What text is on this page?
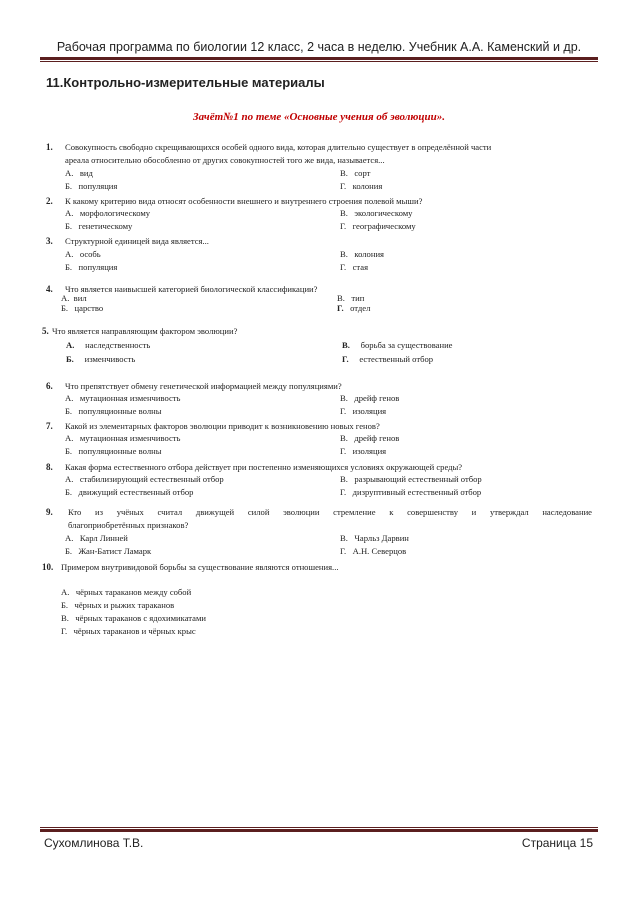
Рабочая программа по биологии 12 класс, 2 часа в неделю. Учебник А.А. Каменский и др.
11.Контрольно-измерительные материалы
Зачёт№1 по теме «Основные учения об эволюции».
1. Совокупность свободно скрещивающихся особей одного вида, которая длительно существует в определённой части
ареала относительно обособленно от других совокупностей того же вида, называется...
А. вид
Б. популяция
В. сорт
Г. колония
2. К какому критерию вида относят особенности внешнего и внутреннего строения полевой мыши?
А. морфологическому
Б. генетическому
В. экологическому
Г. географическому
3. Структурной единицей вида является...
А. особь
Б. популяция
В. колония
Г. стая
4. Что является наивысшей категорией биологической классификации?
А. вил
Б. царство
В. тип
Г. отдел
5. Что является направляющим фактором эволюции?
А. наследственность
Б. изменчивость
В. борьба за существование
Г. естественный отбор
6. Что препятствует обмену генетической информацией между популяциями?
А. мутационная изменчивость
Б. популяционные волны
В. дрейф генов
Г. изоляция
7. Какой из элементарных факторов эволюции приводит к возникновению новых генов?
А. мутационная изменчивость
Б. популяционные волны
В. дрейф генов
Г. изоляция
8. Какая форма естественного отбора действует при постепенно изменяющихся условиях окружающей среды?
А. стабилизирующий естественный отбор
Б. движущий естественный отбор
В. разрывающий естественный отбор
Г. дизруптивный естественный отбор
9. Кто из учёных считал движущей силой эволюции стремление к совершенству и утверждал наследование
благоприобретённых признаков?
А. Карл Линней
Б. Жан-Батист Ламарк
В. Чарльз Дарвин
Г. А.Н. Северцов
10. Примером внутривидовой борьбы за существование являются отношения...
А. чёрных тараканов между собой
Б. чёрных и рыжих тараканов
В. чёрных тараканов с ядохимикатами
Г. чёрных тараканов и чёрных крыс
Сухомлинова Т.В.	Страница 15
